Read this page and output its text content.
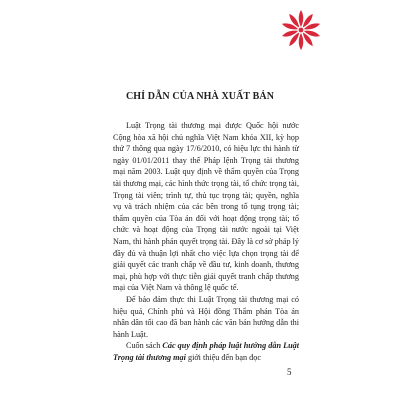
CHỈ DẪN CỦA NHÀ XUẤT BẢN

Luật Trọng tài thương mại được Quốc hội nước Cộng hòa xã hội chủ nghĩa Việt Nam khóa XII, kỳ họp thứ 7 thông qua ngày 17/6/2010, có hiệu lực thi hành từ ngày 01/01/2011 thay thế Pháp lệnh Trọng tài thương mại năm 2003. Luật quy định về thẩm quyền của Trọng tài thương mại, các hình thức trọng tài, tổ chức trọng tài, Trọng tài viên; trình tự, thủ tục trọng tài; quyền, nghĩa vụ và trách nhiệm của các bên trong tố tụng trọng tài; thẩm quyền của Tòa án đối với hoạt động trọng tài; tổ chức và hoạt động của Trọng tài nước ngoài tại Việt Nam, thi hành phán quyết trọng tài. Đây là cơ sở pháp lý đầy đủ và thuận lợi nhất cho việc lựa chọn trọng tài để giải quyết các tranh chấp về đầu tư, kinh doanh, thương mại, phù hợp với thực tiễn giải quyết tranh chấp thương mại của Việt Nam và thông lệ quốc tế.

Để bảo đảm thực thi Luật Trọng tài thương mại có hiệu quả, Chính phủ và Hội đồng Thẩm phán Tòa án nhân dân tối cao đã ban hành các văn bản hướng dẫn thi hành Luật.

Cuốn sách Các quy định pháp luật hướng dẫn Luật Trọng tài thương mại giới thiệu đến bạn đọc

5
